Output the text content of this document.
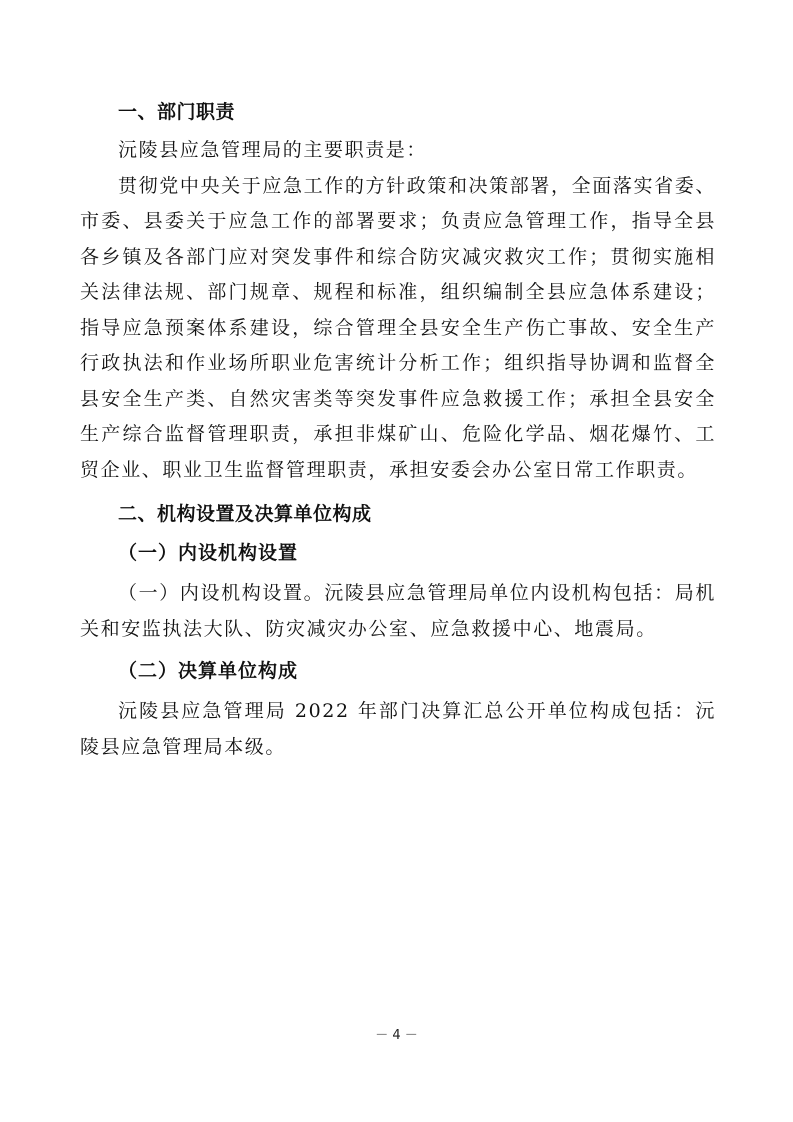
一、部门职责

沅陵县应急管理局的主要职责是：

贯彻党中央关于应急工作的方针政策和决策部署，全面落实省委、市委、县委关于应急工作的部署要求；负责应急管理工作，指导全县各乡镇及各部门应对突发事件和综合防灾减灾救灾工作；贯彻实施相关法律法规、部门规章、规程和标准，组织编制全县应急体系建设；指导应急预案体系建设，综合管理全县安全生产伤亡事故、安全生产行政执法和作业场所职业危害统计分析工作；组织指导协调和监督全县安全生产类、自然灾害类等突发事件应急救援工作；承担全县安全生产综合监督管理职责，承担非煤矿山、危险化学品、烟花爆竹、工贸企业、职业卫生监督管理职责，承担安委会办公室日常工作职责。

二、机构设置及决算单位构成
（一）内设机构设置

（一）内设机构设置。沅陵县应急管理局单位内设机构包括：局机关和安监执法大队、防灾减灾办公室、应急救援中心、地震局。

（二）决算单位构成

沅陵县应急管理局 2022 年部门决算汇总公开单位构成包括：沅陵县应急管理局本级。

－ 4 －
